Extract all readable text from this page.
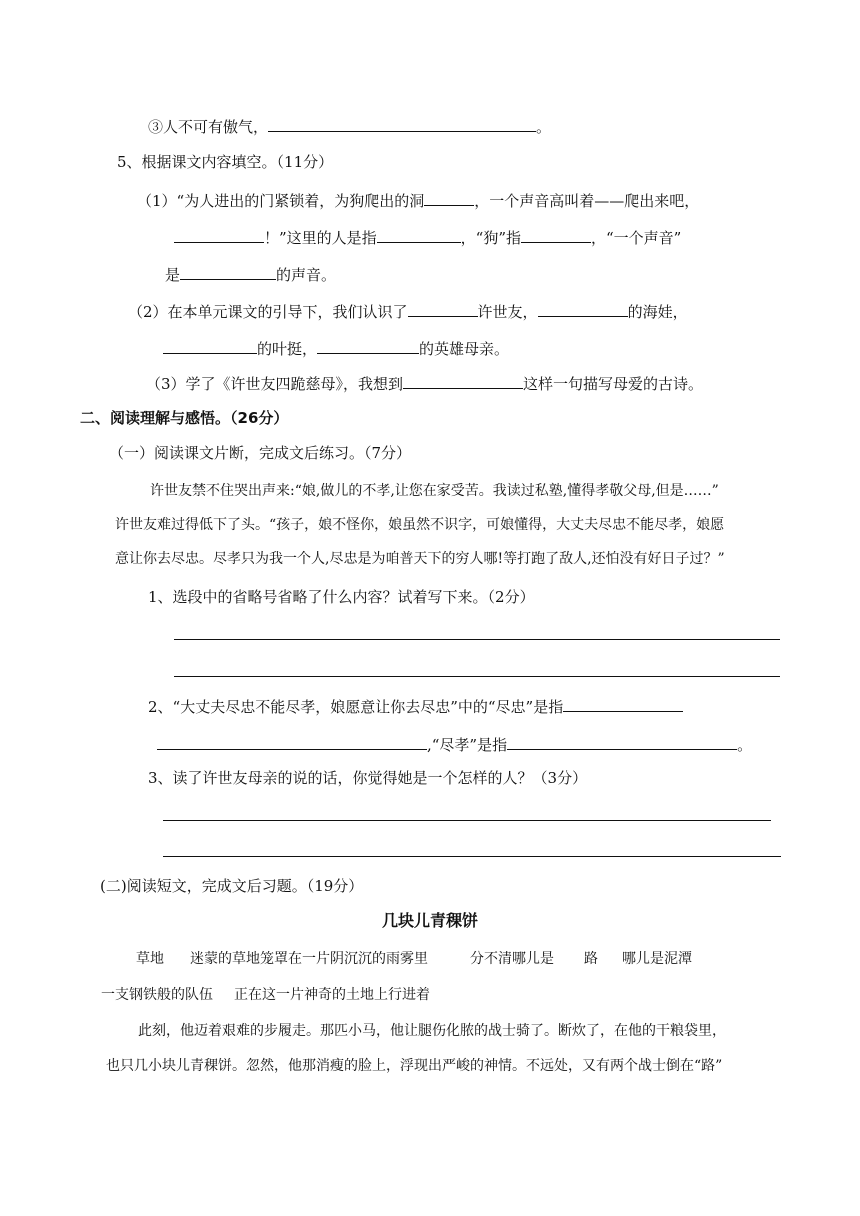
③人不可有傲气，	。
5、根据课文内容填空。（11分）
（1）“为人进出的门紧锁着，为狗爬出的洞	，一个声音高叫着——爬出来吧，
！”这里的人是指	，“狗”指	，“一个声音”
是	的声音。
（2）在本单元课文的引导下，我们认识了	许世友，	的海娃，
的叶挺，	的英雄母亲。
（3）学了《许世友四跪慈母》，我想到	这样一句描写母爱的古诗。
二、阅读理解与感悟。（26分）
（一）阅读课文片断，完成文后练习。（7分）
许世友禁不住哭出声来:“娘,做儿的不孝,让您在家受苦。我读过私塾,懂得孝敬父母,但是……”
许世友难过得低下了头。“孩子，娘不怪你，娘虽然不识字，可娘懂得，大丈夫尽忠不能尽孝，娘愿
意让你去尽忠。尽孝只为我一个人,尽忠是为咱普天下的穷人哪!等打跑了敌人,还怕没有好日子过？”
1、选段中的省略号省略了什么内容？试着写下来。（2分）
2、“大丈夫尽忠不能尽孝，娘愿意让你去尽忠”中的“尽忠”是指
,“尽孝”是指	。
3、读了许世友母亲的说的话，你觉得她是一个怎样的人？（3分）
(二)阅读短文，完成文后习题。（19分）
几块儿青稞饼
草地 迷蒙的草地笼罩在一片阴沉沉的雨雾里	分不清哪儿是 路 哪儿是泥潭
一支钢铁般的队伍 正在这一片神奇的土地上行进着
此刻，他迈着艰难的步履走。那匹小马，他让腿伤化脓的战士骑了。断炊了，在他的干粮袋里，
也只几小块儿青稞饼。忽然，他那消瘦的脸上，浮现出严峻的神情。不远处，又有两个战士倒在“路”
